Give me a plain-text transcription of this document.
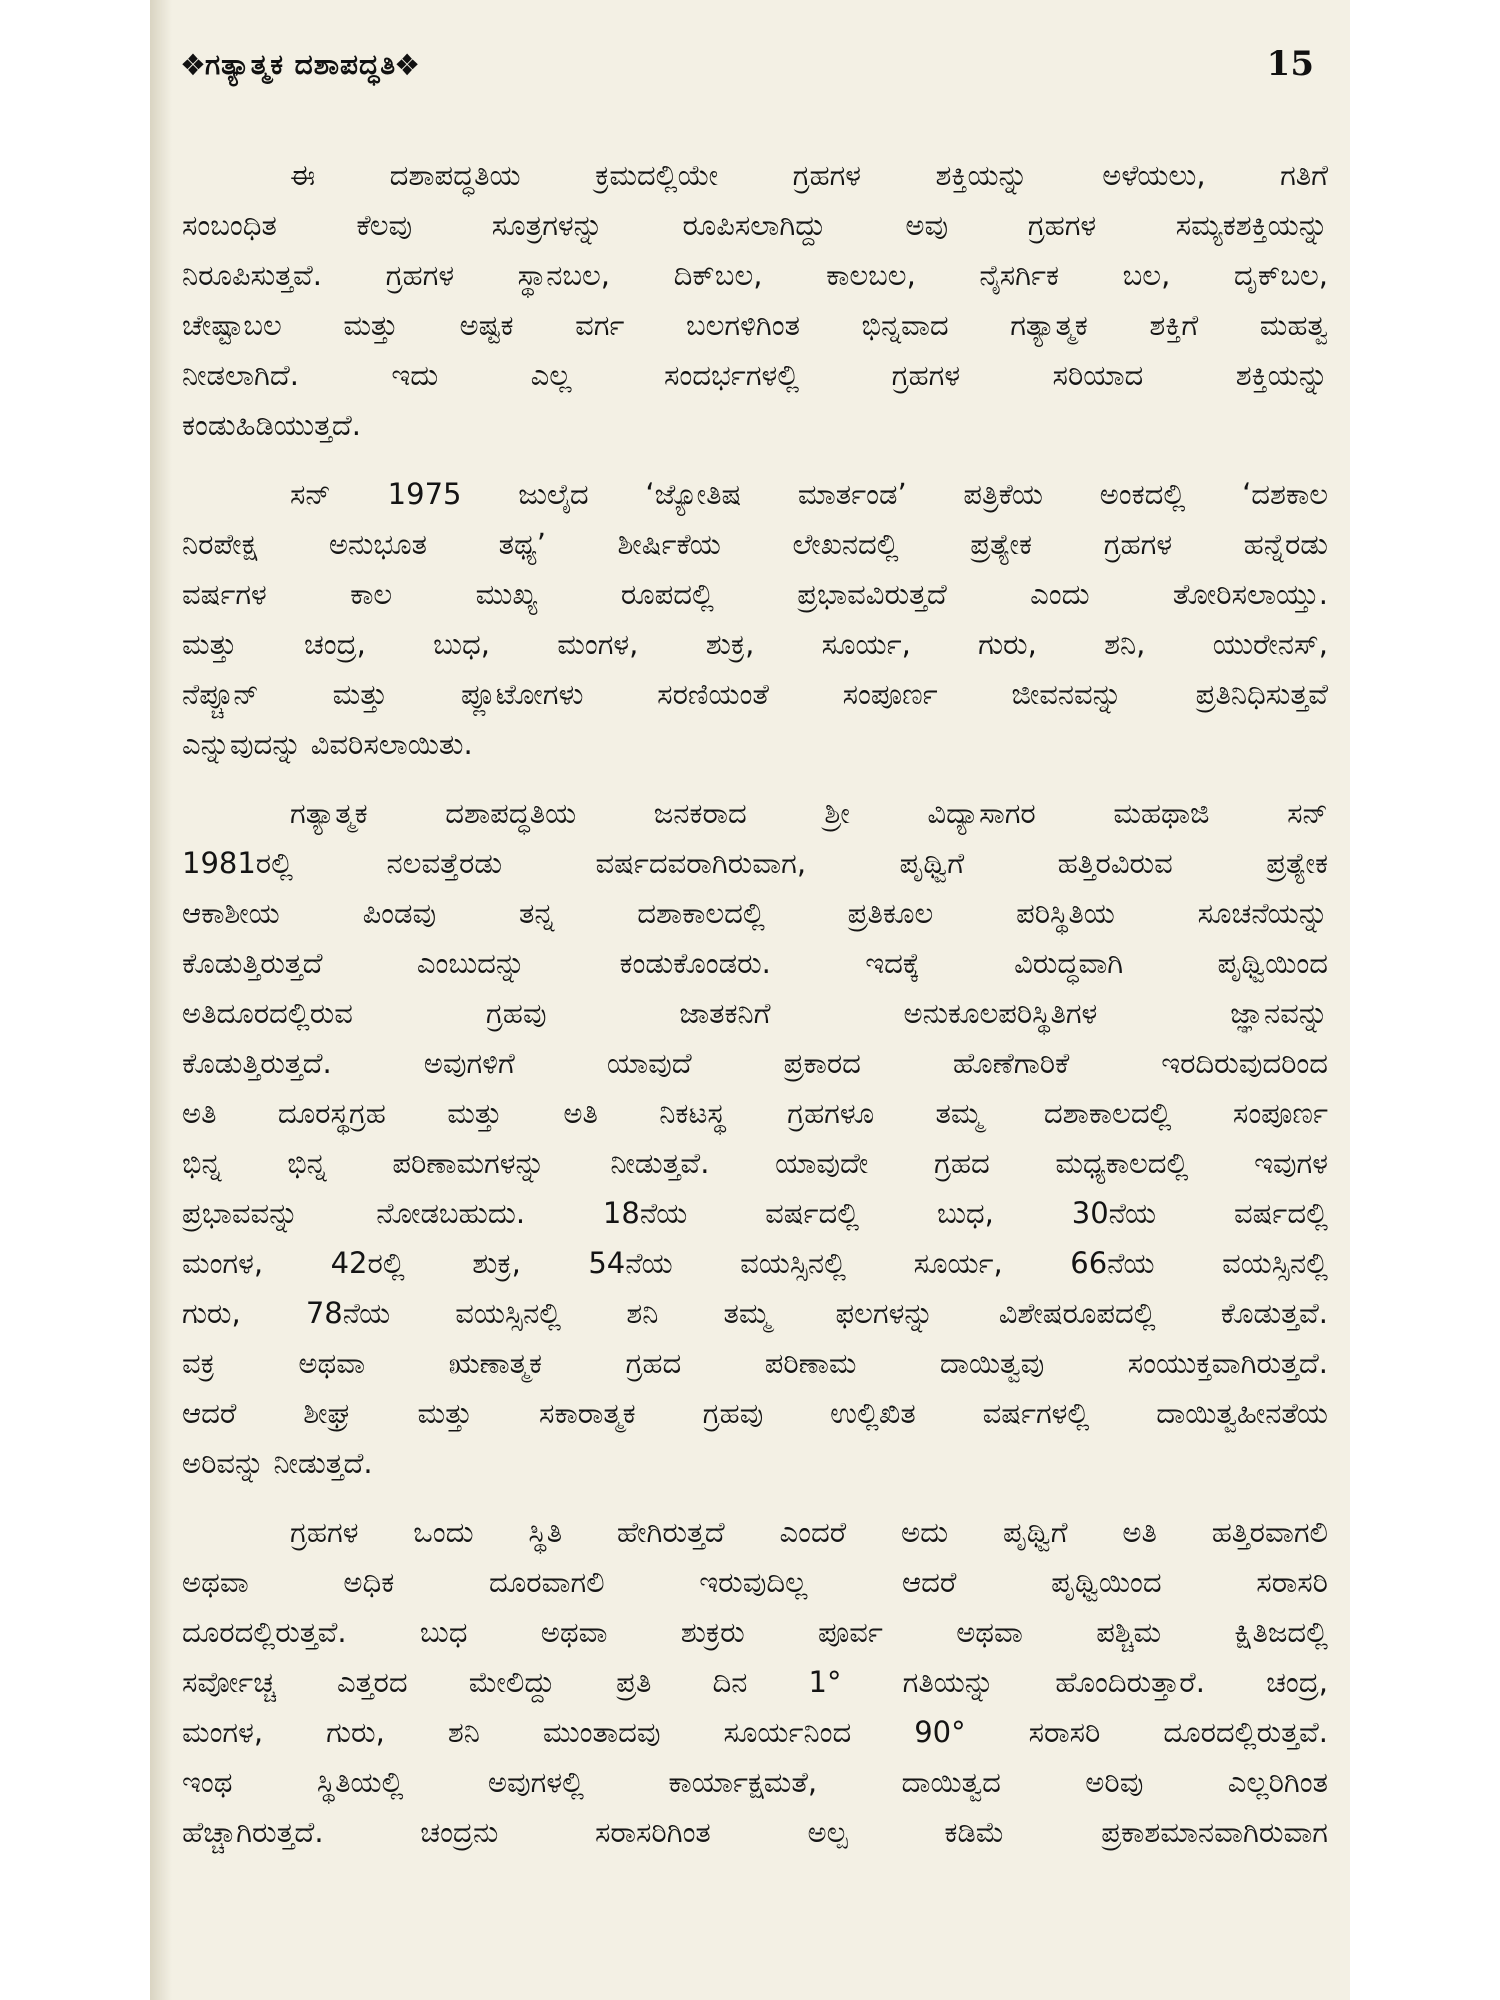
❖ಗತ್ಯಾತ್ಮಕ ದಶಾಪದ್ಧತಿ❖	15
ಈ ದಶಾಪದ್ಧತಿಯ ಕ್ರಮದಲ್ಲಿಯೇ ಗ್ರಹಗಳ ಶಕ್ತಿಯನ್ನು ಅಳೆಯಲು, ಗತಿಗೆ
ಸಂಬಂಧಿತ ಕೆಲವು ಸೂತ್ರಗಳನ್ನು ರೂಪಿಸಲಾಗಿದ್ದು ಅವು ಗ್ರಹಗಳ ಸಮ್ಯಕಶಕ್ತಿಯನ್ನು
ನಿರೂಪಿಸುತ್ತವೆ. ಗ್ರಹಗಳ ಸ್ಥಾನಬಲ, ದಿಕ್‌ಬಲ, ಕಾಲಬಲ, ನೈಸರ್ಗಿಕ ಬಲ, ದೃಕ್‌ಬಲ,
ಚೇಷ್ಟಾಬಲ ಮತ್ತು ಅಷ್ಟಕ ವರ್ಗ ಬಲಗಳಿಗಿಂತ ಭಿನ್ನವಾದ ಗತ್ಯಾತ್ಮಕ ಶಕ್ತಿಗೆ ಮಹತ್ವ
ನೀಡಲಾಗಿದೆ. ಇದು ಎಲ್ಲ ಸಂದರ್ಭಗಳಲ್ಲಿ ಗ್ರಹಗಳ ಸರಿಯಾದ ಶಕ್ತಿಯನ್ನು
ಕಂಡುಹಿಡಿಯುತ್ತದೆ.
ಸನ್ 1975 ಜುಲೈದ ‘ಜ್ಯೋತಿಷ ಮಾರ್ತಂಡ’ ಪತ್ರಿಕೆಯ ಅಂಕದಲ್ಲಿ ‘ದಶಕಾಲ
ನಿರಪೇಕ್ಷ ಅನುಭೂತ ತಥ್ಯ’ ಶೀರ್ಷಿಕೆಯ ಲೇಖನದಲ್ಲಿ ಪ್ರತ್ಯೇಕ ಗ್ರಹಗಳ ಹನ್ನೆರಡು
ವರ್ಷಗಳ ಕಾಲ ಮುಖ್ಯ ರೂಪದಲ್ಲಿ ಪ್ರಭಾವವಿರುತ್ತದೆ ಎಂದು ತೋರಿಸಲಾಯ್ತು.
ಮತ್ತು ಚಂದ್ರ, ಬುಧ, ಮಂಗಳ, ಶುಕ್ರ, ಸೂರ್ಯ, ಗುರು, ಶನಿ, ಯುರೇನಸ್,
ನೆಪ್ಚೂನ್ ಮತ್ತು ಪ್ಲೂಟೋಗಳು ಸರಣಿಯಂತೆ ಸಂಪೂರ್ಣ ಜೀವನವನ್ನು ಪ್ರತಿನಿಧಿಸುತ್ತವೆ
ಎನ್ನುವುದನ್ನು ವಿವರಿಸಲಾಯಿತು.
ಗತ್ಯಾತ್ಮಕ ದಶಾಪದ್ಧತಿಯ ಜನಕರಾದ ಶ್ರೀ ವಿದ್ಯಾಸಾಗರ ಮಹಥಾಜಿ ಸನ್
1981ರಲ್ಲಿ ನಲವತ್ತೆರಡು ವರ್ಷದವರಾಗಿರುವಾಗ, ಪೃಥ್ವಿಗೆ ಹತ್ತಿರವಿರುವ ಪ್ರತ್ಯೇಕ
ಆಕಾಶೀಯ ಪಿಂಡವು ತನ್ನ ದಶಾಕಾಲದಲ್ಲಿ ಪ್ರತಿಕೂಲ ಪರಿಸ್ಥಿತಿಯ ಸೂಚನೆಯನ್ನು
ಕೊಡುತ್ತಿರುತ್ತದೆ ಎಂಬುದನ್ನು ಕಂಡುಕೊಂಡರು. ಇದಕ್ಕೆ ವಿರುದ್ಧವಾಗಿ ಪೃಥ್ವಿಯಿಂದ
ಅತಿದೂರದಲ್ಲಿರುವ ಗ್ರಹವು ಜಾತಕನಿಗೆ ಅನುಕೂಲಪರಿಸ್ಥಿತಿಗಳ ಜ್ಞಾನವನ್ನು
ಕೊಡುತ್ತಿರುತ್ತದೆ. ಅವುಗಳಿಗೆ ಯಾವುದೆ ಪ್ರಕಾರದ ಹೊಣೆಗಾರಿಕೆ ಇರದಿರುವುದರಿಂದ
ಅತಿ ದೂರಸ್ಥಗ್ರಹ ಮತ್ತು ಅತಿ ನಿಕಟಸ್ಥ ಗ್ರಹಗಳೂ ತಮ್ಮ ದಶಾಕಾಲದಲ್ಲಿ ಸಂಪೂರ್ಣ
ಭಿನ್ನ ಭಿನ್ನ ಪರಿಣಾಮಗಳನ್ನು ನೀಡುತ್ತವೆ. ಯಾವುದೇ ಗ್ರಹದ ಮಧ್ಯಕಾಲದಲ್ಲಿ ಇವುಗಳ
ಪ್ರಭಾವವನ್ನು ನೋಡಬಹುದು. 18ನೆಯ ವರ್ಷದಲ್ಲಿ ಬುಧ, 30ನೆಯ ವರ್ಷದಲ್ಲಿ
ಮಂಗಳ, 42ರಲ್ಲಿ ಶುಕ್ರ, 54ನೆಯ ವಯಸ್ಸಿನಲ್ಲಿ ಸೂರ್ಯ, 66ನೆಯ ವಯಸ್ಸಿನಲ್ಲಿ
ಗುರು, 78ನೆಯ ವಯಸ್ಸಿನಲ್ಲಿ ಶನಿ ತಮ್ಮ ಫಲಗಳನ್ನು ವಿಶೇಷರೂಪದಲ್ಲಿ ಕೊಡುತ್ತವೆ.
ವಕ್ರ ಅಥವಾ ಋಣಾತ್ಮಕ ಗ್ರಹದ ಪರಿಣಾಮ ದಾಯಿತ್ವವು ಸಂಯುಕ್ತವಾಗಿರುತ್ತದೆ.
ಆದರೆ ಶೀಘ್ರ ಮತ್ತು ಸಕಾರಾತ್ಮಕ ಗ್ರಹವು ಉಲ್ಲಿಖಿತ ವರ್ಷಗಳಲ್ಲಿ ದಾಯಿತ್ವಹೀನತೆಯ
ಅರಿವನ್ನು ನೀಡುತ್ತದೆ.
ಗ್ರಹಗಳ ಒಂದು ಸ್ಥಿತಿ ಹೇಗಿರುತ್ತದೆ ಎಂದರೆ ಅದು ಪೃಥ್ವಿಗೆ ಅತಿ ಹತ್ತಿರವಾಗಲಿ
ಅಥವಾ ಅಧಿಕ ದೂರವಾಗಲಿ ಇರುವುದಿಲ್ಲ ಆದರೆ ಪೃಥ್ವಿಯಿಂದ ಸರಾಸರಿ
ದೂರದಲ್ಲಿರುತ್ತವೆ. ಬುಧ ಅಥವಾ ಶುಕ್ರರು ಪೂರ್ವ ಅಥವಾ ಪಶ್ಚಿಮ ಕ್ಷಿತಿಜದಲ್ಲಿ
ಸರ್ವೋಚ್ಚ ಎತ್ತರದ ಮೇಲಿದ್ದು ಪ್ರತಿ ದಿನ 1° ಗತಿಯನ್ನು ಹೊಂದಿರುತ್ತಾರೆ. ಚಂದ್ರ,
ಮಂಗಳ, ಗುರು, ಶನಿ ಮುಂತಾದವು ಸೂರ್ಯನಿಂದ 90° ಸರಾಸರಿ ದೂರದಲ್ಲಿರುತ್ತವೆ.
ಇಂಥ ಸ್ಥಿತಿಯಲ್ಲಿ ಅವುಗಳಲ್ಲಿ ಕಾರ್ಯಾಕ್ಷಮತೆ, ದಾಯಿತ್ವದ ಅರಿವು ಎಲ್ಲರಿಗಿಂತ
ಹೆಚ್ಚಾಗಿರುತ್ತದೆ. ಚಂದ್ರನು ಸರಾಸರಿಗಿಂತ ಅಲ್ಪ ಕಡಿಮೆ ಪ್ರಕಾಶಮಾನವಾಗಿರುವಾಗ
